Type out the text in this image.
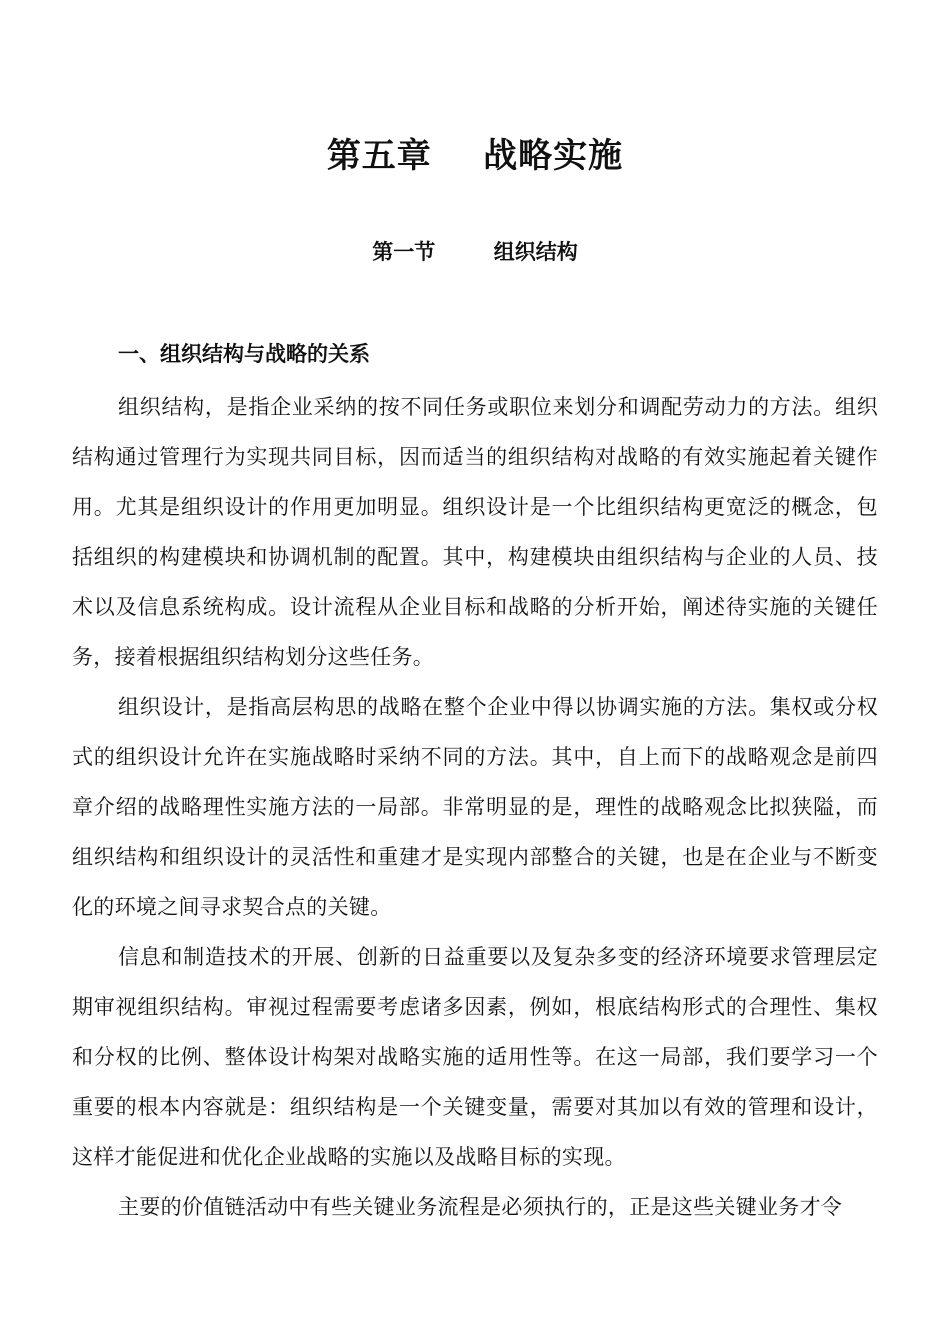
第五章    战略实施
第一节        组织结构
一、组织结构与战略的关系

组织结构，是指企业采纳的按不同任务或职位来划分和调配劳动力的方法。组织结构通过管理行为实现共同目标，因而适当的组织结构对战略的有效实施起着关键作用。尤其是组织设计的作用更加明显。组织设计是一个比组织结构更宽泛的概念，包括组织的构建模块和协调机制的配置。其中，构建模块由组织结构与企业的人员、技术以及信息系统构成。设计流程从企业目标和战略的分析开始，阐述待实施的关键任务，接着根据组织结构划分这些任务。

组织设计，是指高层构思的战略在整个企业中得以协调实施的方法。集权或分权式的组织设计允许在实施战略时采纳不同的方法。其中，自上而下的战略观念是前四章介绍的战略理性实施方法的一局部。非常明显的是，理性的战略观念比拟狭隘，而组织结构和组织设计的灵活性和重建才是实现内部整合的关键，也是在企业与不断变化的环境之间寻求契合点的关键。

信息和制造技术的开展、创新的日益重要以及复杂多变的经济环境要求管理层定期审视组织结构。审视过程需要考虑诸多因素，例如，根底结构形式的合理性、集权和分权的比例、整体设计构架对战略实施的适用性等。在这一局部，我们要学习一个重要的根本内容就是：组织结构是一个关键变量，需要对其加以有效的管理和设计，这样才能促进和优化企业战略的实施以及战略目标的实现。

主要的价值链活动中有些关键业务流程是必须执行的，正是这些关键业务才令
